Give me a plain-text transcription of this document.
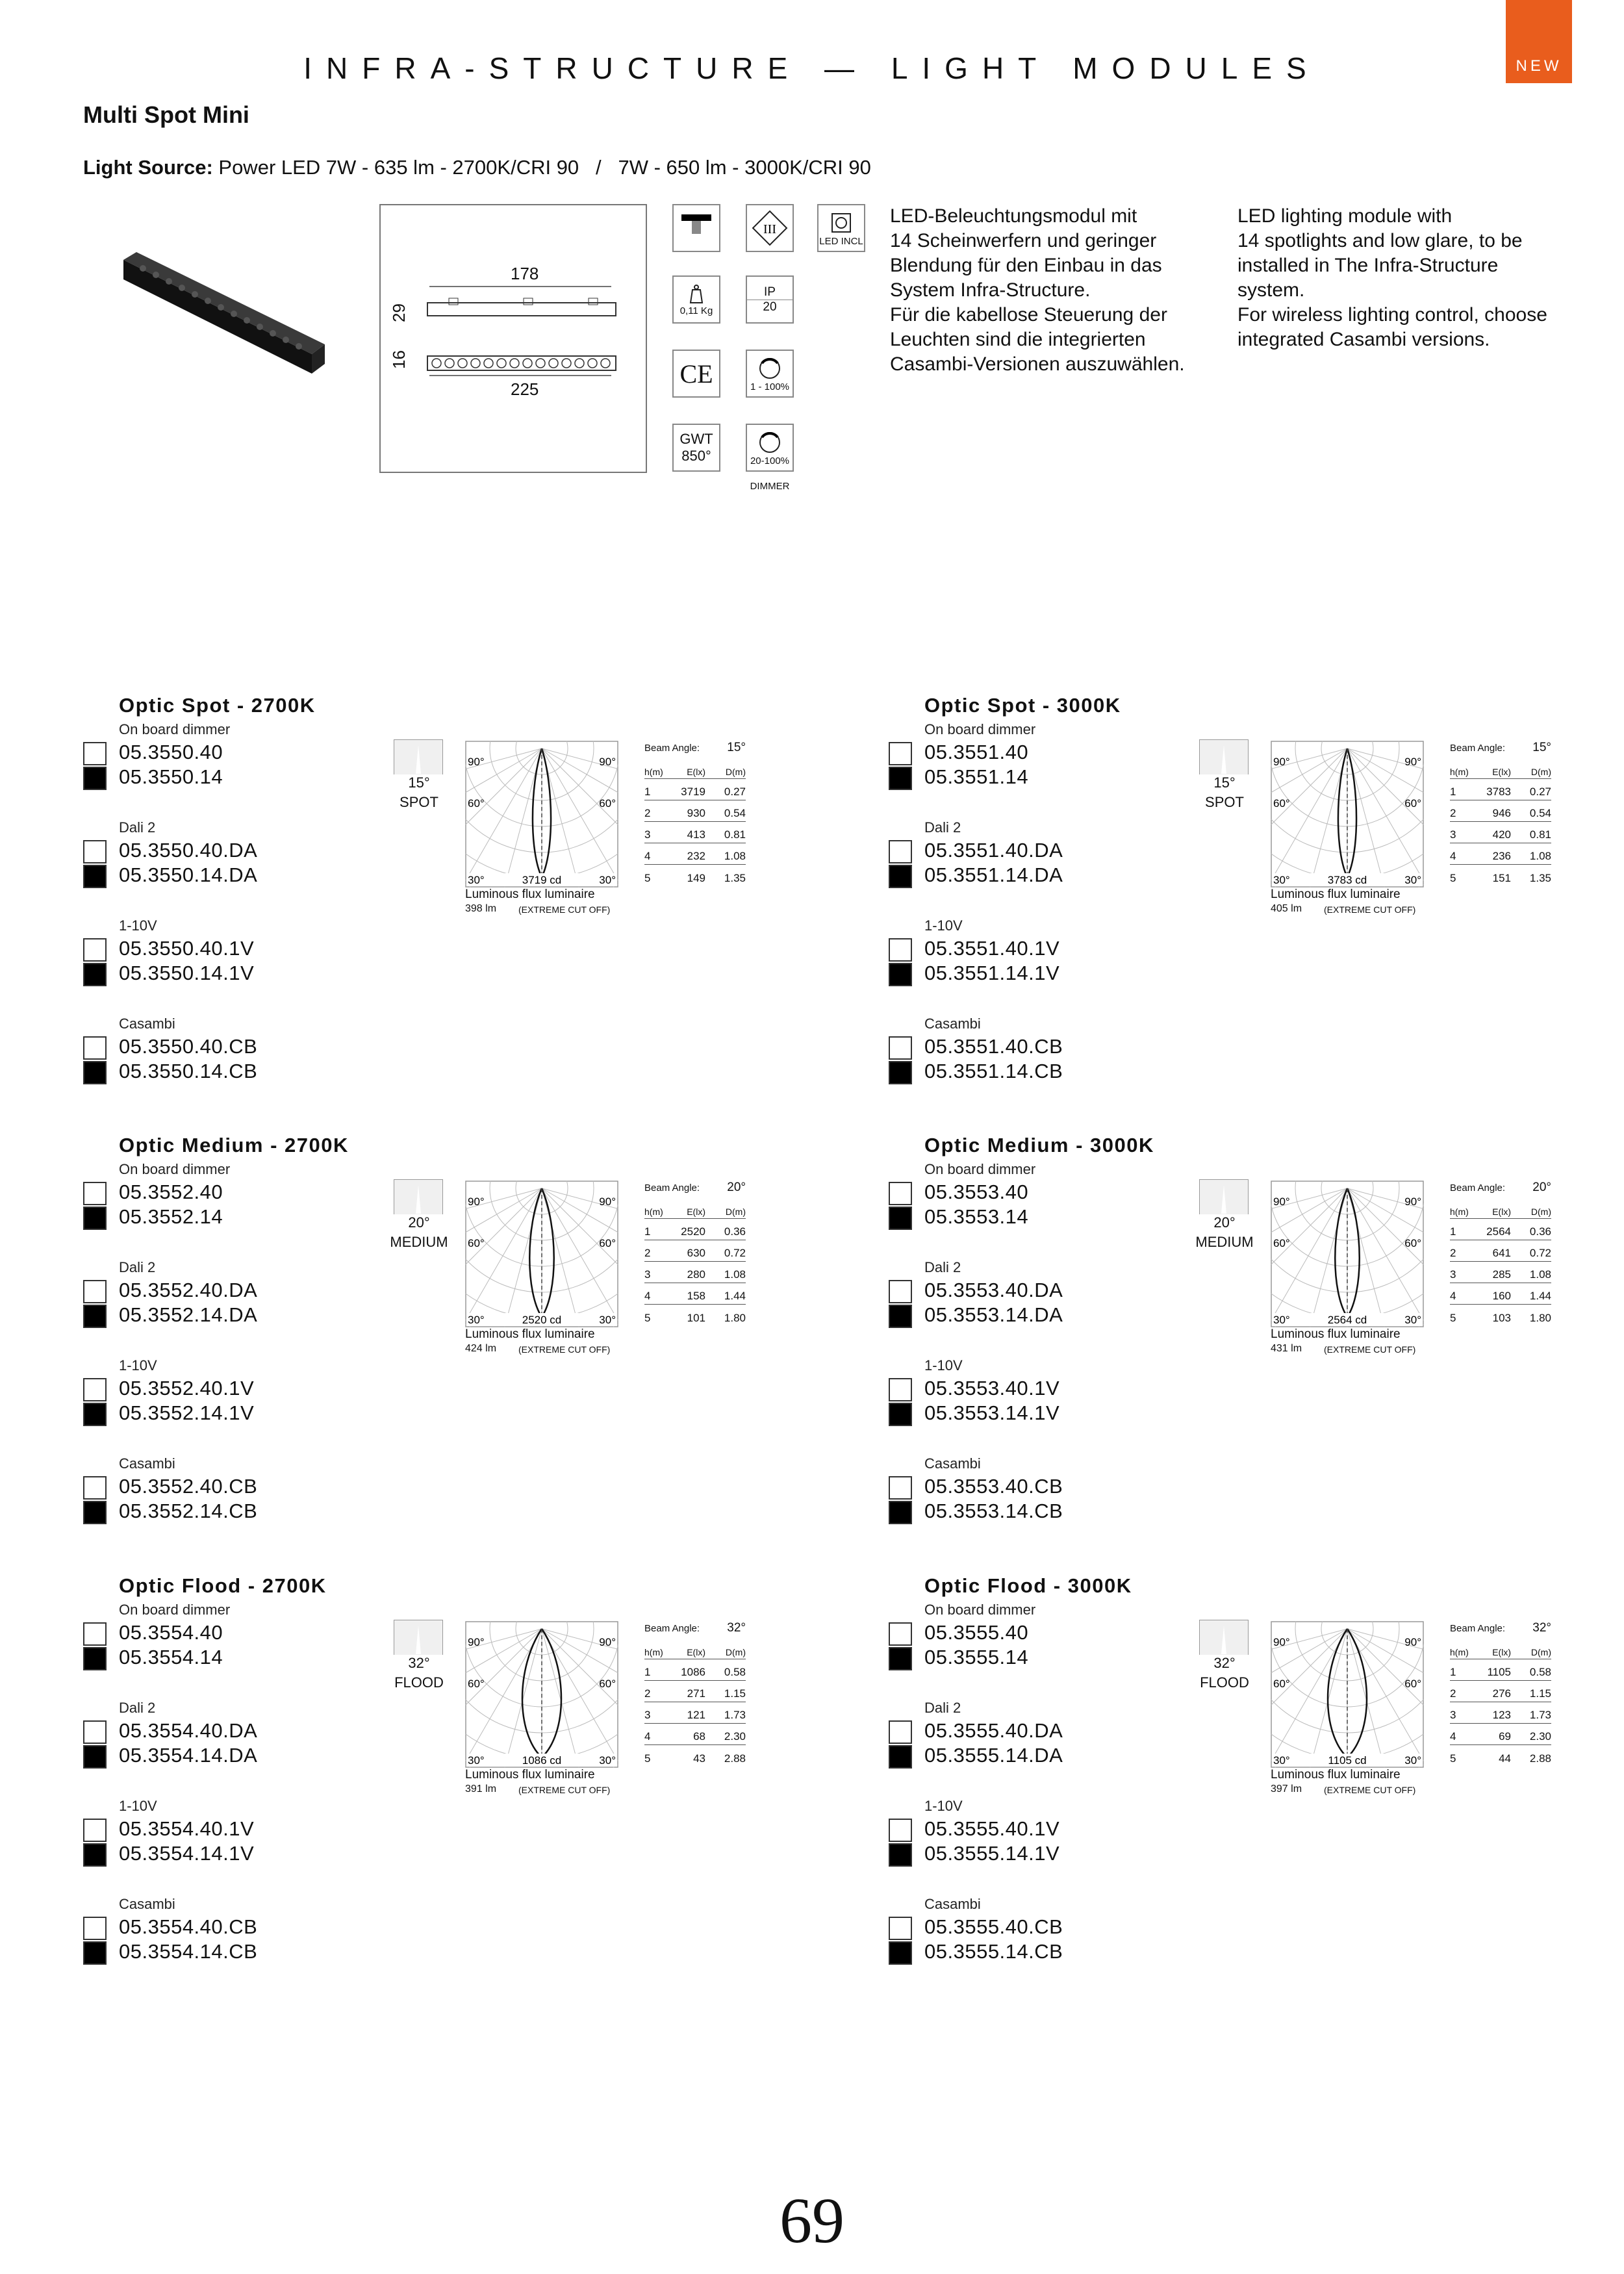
INFRA-STRUCTURE — LIGHT MODULES	NEW
Multi Spot Mini
Light Source: Power LED 7W - 635 lm - 2700K/CRI 90   /   7W - 650 lm - 3000K/CRI 90
178
29
16
225
III
LED INCL
0,11 Kg
IP
20
CE	1 - 100%
GWT
850°	20-100%
DIMMER
LED-Beleuchtungsmodul mit
14 Scheinwerfern und geringer
Blendung für den Einbau in das
System Infra-Structure.
Für die kabellose Steuerung der
Leuchten sind die integrierten
Casambi-Versionen auszuwählen.
LED lighting module with
14 spotlights and low glare, to be
installed in The Infra-Structure
system.
For wireless lighting control, choose
integrated Casambi versions.
Optic Spot - 2700K
On board dimmer
05.3550.40
05.3550.14
Dali 2
05.3550.40.DA
05.3550.14.DA
1-10V
05.3550.40.1V
05.3550.14.1V
Casambi
05.3550.40.CB
05.3550.14.CB
15°
SPOT
90°	90°
60°	60°
30°	30°
3719 cd
Luminous flux luminaire
398 lm (EXTREME CUT OFF)
Beam Angle: 15°
h(m)	E(lx)	D(m)
1	3719	0.27
2	930	0.54
3	413	0.81
4	232	1.08
5	149	1.35
Optic Spot - 3000K
On board dimmer
05.3551.40
05.3551.14
Dali 2
05.3551.40.DA
05.3551.14.DA
1-10V
05.3551.40.1V
05.3551.14.1V
Casambi
05.3551.40.CB
05.3551.14.CB
15°
SPOT
90°	90°
60°	60°
30°	30°
3783 cd
Luminous flux luminaire
405 lm (EXTREME CUT OFF)
Beam Angle: 15°
h(m)	E(lx)	D(m)
1	3783	0.27
2	946	0.54
3	420	0.81
4	236	1.08
5	151	1.35
Optic Medium - 2700K
On board dimmer
05.3552.40
05.3552.14
Dali 2
05.3552.40.DA
05.3552.14.DA
1-10V
05.3552.40.1V
05.3552.14.1V
Casambi
05.3552.40.CB
05.3552.14.CB
20°
MEDIUM
90°	90°
60°	60°
30°	30°
2520 cd
Luminous flux luminaire
424 lm (EXTREME CUT OFF)
Beam Angle: 20°
h(m)	E(lx)	D(m)
1	2520	0.36
2	630	0.72
3	280	1.08
4	158	1.44
5	101	1.80
Optic Medium - 3000K
On board dimmer
05.3553.40
05.3553.14
Dali 2
05.3553.40.DA
05.3553.14.DA
1-10V
05.3553.40.1V
05.3553.14.1V
Casambi
05.3553.40.CB
05.3553.14.CB
20°
MEDIUM
90°	90°
60°	60°
30°	30°
2564 cd
Luminous flux luminaire
431 lm (EXTREME CUT OFF)
Beam Angle: 20°
h(m)	E(lx)	D(m)
1	2564	0.36
2	641	0.72
3	285	1.08
4	160	1.44
5	103	1.80
Optic Flood - 2700K
On board dimmer
05.3554.40
05.3554.14
Dali 2
05.3554.40.DA
05.3554.14.DA
1-10V
05.3554.40.1V
05.3554.14.1V
Casambi
05.3554.40.CB
05.3554.14.CB
32°
FLOOD
90°	90°
60°	60°
30°	30°
1086 cd
Luminous flux luminaire
391 lm (EXTREME CUT OFF)
Beam Angle: 32°
h(m)	E(lx)	D(m)
1	1086	0.58
2	271	1.15
3	121	1.73
4	68	2.30
5	43	2.88
Optic Flood - 3000K
On board dimmer
05.3555.40
05.3555.14
Dali 2
05.3555.40.DA
05.3555.14.DA
1-10V
05.3555.40.1V
05.3555.14.1V
Casambi
05.3555.40.CB
05.3555.14.CB
32°
FLOOD
90°	90°
60°	60°
30°	30°
1105 cd
Luminous flux luminaire
397 lm (EXTREME CUT OFF)
Beam Angle: 32°
h(m)	E(lx)	D(m)
1	1105	0.58
2	276	1.15
3	123	1.73
4	69	2.30
5	44	2.88
69
